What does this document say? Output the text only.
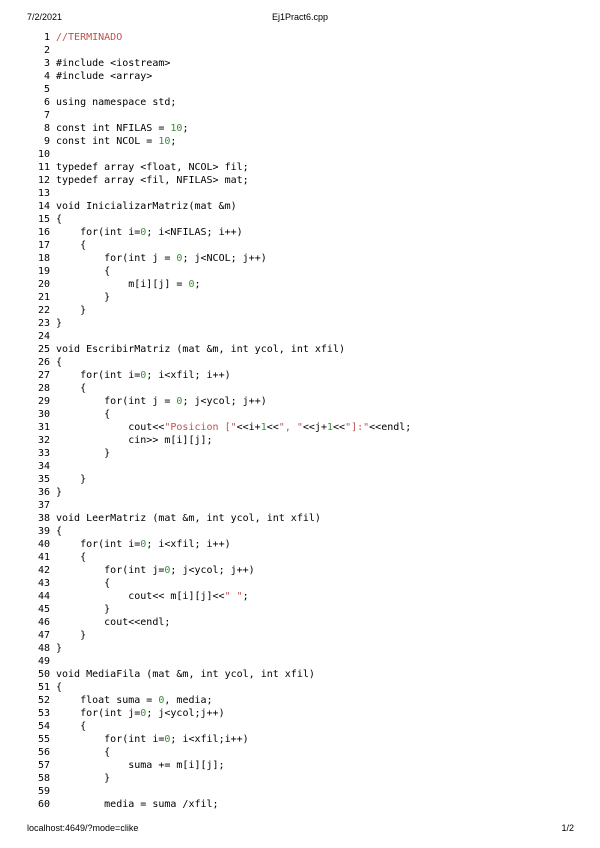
7/2/2021	Ej1Pract6.cpp
1 //TERMINADO
2
3 #include <iostream>
4 #include <array>
5
6 using namespace std;
7
8 const int NFILAS = 10;
9 const int NCOL = 10;
10
11 typedef array <float, NCOL> fil;
12 typedef array <fil, NFILAS> mat;
13
14 void InicializarMatriz(mat &m)
15 {
16    for(int i=0; i<NFILAS; i++)
17    {
18        for(int j = 0; j<NCOL; j++)
19        {
20            m[i][j] = 0;
21        }
22    }
23 }
24
25 void EscribirMatriz (mat &m, int ycol, int xfil)
26 {
27    for(int i=0; i<xfil; i++)
28    {
29        for(int j = 0; j<ycol; j++)
30        {
31            cout<<"Posicion ["<<i+1<<", "<<j+1<<"]:"<<endl;
32            cin>> m[i][j];
33        }
34
35    }
36 }
37
38 void LeerMatriz (mat &m, int ycol, int xfil)
39 {
40    for(int i=0; i<xfil; i++)
41    {
42        for(int j=0; j<ycol; j++)
43        {
44            cout<< m[i][j]<<" ";
45        }
46        cout<<endl;
47    }
48 }
49
50 void MediaFila (mat &m, int ycol, int xfil)
51 {
52    float suma = 0, media;
53    for(int j=0; j<ycol;j++)
54    {
55        for(int i=0; i<xfil;i++)
56        {
57            suma += m[i][j];
58        }
59
60        media = suma /xfil;
localhost:4649/?mode=clike	1/2
